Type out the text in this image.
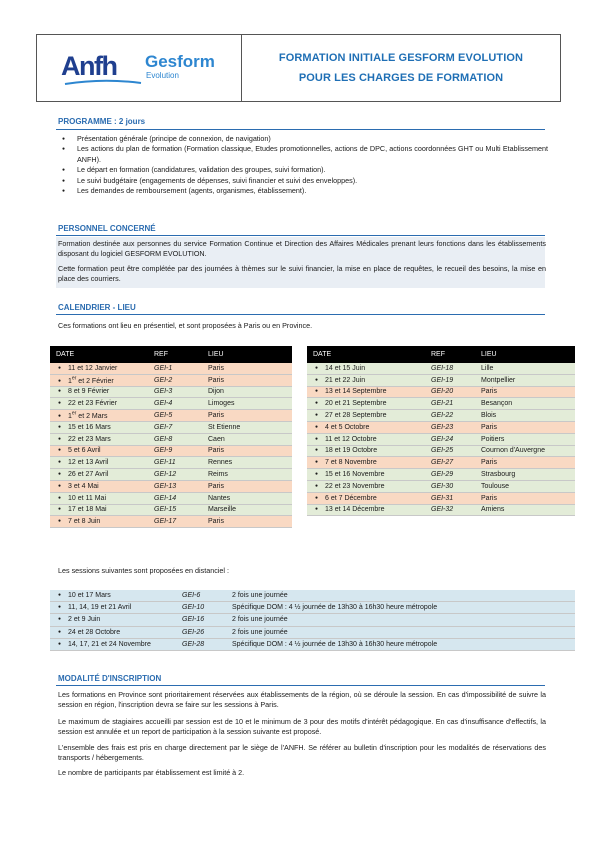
Anfh Gesform
Evolution
FORMATION INITIALE GESFORM EVOLUTION
POUR LES CHARGES DE FORMATION
PROGRAMME : 2 jours
● Présentation générale (principe de connexion, de navigation)
● Les actions du plan de formation (Formation classique, Etudes promotionnelles, actions de DPC, actions coordonnées GHT ou Multi Etablissement ANFH).
● Le départ en formation (candidatures, validation des groupes, suivi formation).
● Le suivi budgétaire (engagements de dépenses, suivi financier et suivi des enveloppes).
● Les demandes de remboursement (agents, organismes, établissement).
PERSONNEL CONCERNÉ

Formation destinée aux personnes du service Formation Continue et Direction des Affaires Médicales prenant leurs fonctions dans les établissements disposant du logiciel GESFORM EVOLUTION.

Cette formation peut être complétée par des journées à thèmes sur le suivi financier, la mise en place de requêtes, le recueil des besoins, la mise en place des courriers.

CALENDRIER - LIEU

Ces formations ont lieu en présentiel, et sont proposées à Paris ou en Province.

DATE	REF	LIEU
● 11 et 12 Janvier	GEI-1	Paris
● 1er et 2 Février	GEI-2	Paris
● 8 et 9 Février	GEI-3	Dijon
● 22 et 23 Février	GEI-4	Limoges
● 1er et 2 Mars	GEI-5	Paris
● 15 et 16 Mars	GEI-7	St Etienne
● 22 et 23 Mars	GEI-8	Caen
● 5 et 6 Avril	GEI-9	Paris
● 12 et 13 Avril	GEI-11	Rennes
● 26 et 27 Avril	GEI-12	Reims
● 3 et 4 Mai	GEI-13	Paris
● 10 et 11 Mai	GEI-14	Nantes
● 17 et 18 Mai	GEI-15	Marseille
● 7 et 8 Juin	GEI-17	Paris
DATE	REF	LIEU
● 14 et 15 Juin	GEI-18	Lille
● 21 et 22 Juin	GEI-19	Montpellier
● 13 et 14 Septembre	GEI-20	Paris
● 20 et 21 Septembre	GEI-21	Besançon
● 27 et 28 Septembre	GEI-22	Blois
● 4 et 5 Octobre	GEI-23	Paris
● 11 et 12 Octobre	GEI-24	Poitiers
● 18 et 19 Octobre	GEI-25	Cournon d'Auvergne
● 7 et 8 Novembre	GEI-27	Paris
● 15 et 16 Novembre	GEI-29	Strasbourg
● 22 et 23 Novembre	GEI-30	Toulouse
● 6 et 7 Décembre	GEI-31	Paris
● 13 et 14 Décembre	GEI-32	Amiens

Les sessions suivantes sont proposées en distanciel :

● 10 et 17 Mars	GEI-6	2 fois une journée
● 11, 14, 19 et 21 Avril	GEI-10	Spécifique DOM : 4 ½ journée de 13h30 à 16h30 heure métropole
● 2 et 9 Juin	GEI-16	2 fois une journée
● 24 et 28 Octobre	GEI-26	2 fois une journée
● 14, 17, 21 et 24 Novembre	GEI-28	Spécifique DOM : 4 ½ journée de 13h30 à 16h30 heure métropole
MODALITÉ D'INSCRIPTION

Les formations en Province sont prioritairement réservées aux établissements de la région, où se déroule la session. En cas d'impossibilité de suivre la session en région, l'inscription devra se faire sur les sessions à Paris.

Le maximum de stagiaires accueilli par session est de 10 et le minimum de 3 pour des motifs d'intérêt pédagogique. En cas d'insuffisance d'effectifs, la session est annulée et un report de participation à la session suivante est proposé.

L'ensemble des frais est pris en charge directement par le siège de l'ANFH. Se référer au bulletin d'inscription pour les modalités de réservations des transports / hébergements.

Le nombre de participants par établissement est limité à 2.
